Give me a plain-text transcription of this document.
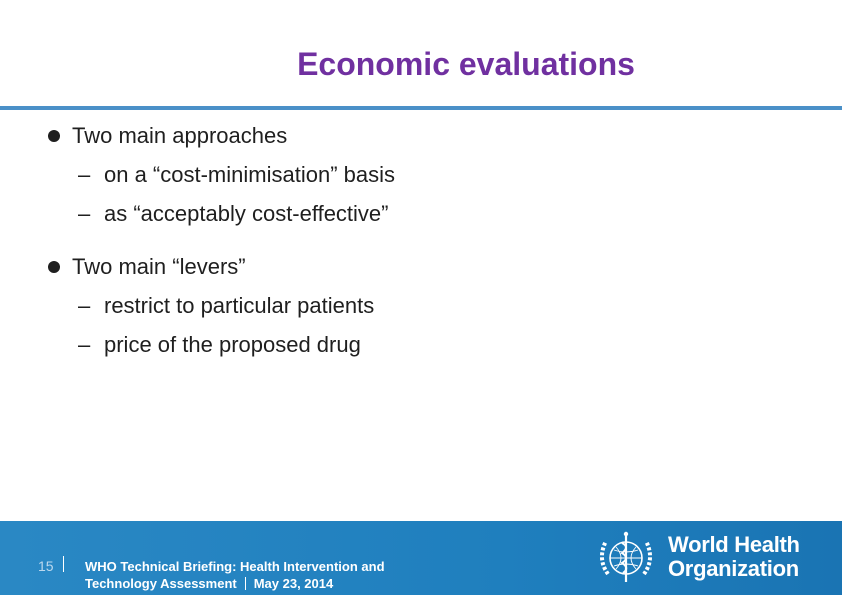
Economic evaluations
Two main approaches
– on a “cost-minimisation” basis
– as “acceptably cost-effective”
Two main “levers”
– restrict to particular patients
– price of the proposed drug
15 WHO Technical Briefing: Health Intervention and
Technology Assessment May 23, 2014
World Health
Organization
